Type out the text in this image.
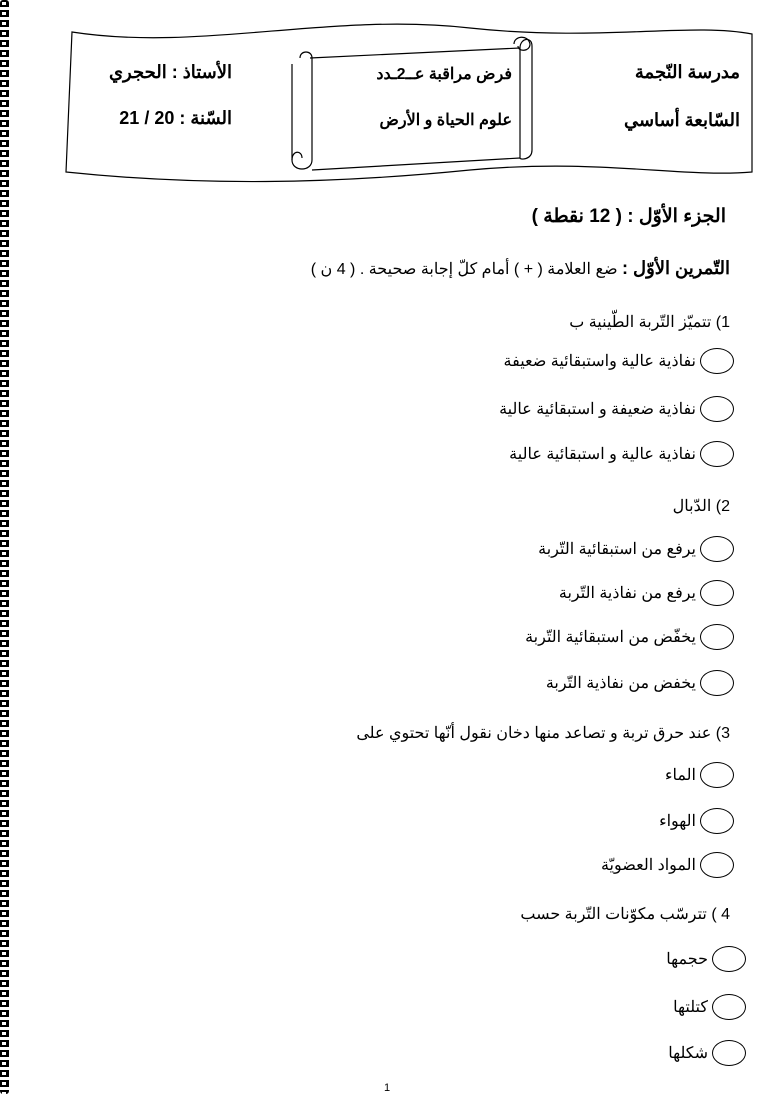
مدرسة النّجمة
السّابعة أساسي
فرض مراقبة عــ2ـدد
علوم الحياة و الأرض
الأستاذ : الحجري
السّنة : 20 / 21
الجزء الأوّل : ( 12 نقطة )
التّمرين الأوّل : ضع العلامة ( + ) أمام كلّ إجابة صحيحة . ( 4 ن )
1) تتميّز التّربة الطّينية ب
نفاذية عالية واستبقائية ضعيفة
نفاذية ضعيفة و استبقائية عالية
نفاذية عالية و استبقائية عالية
2) الدّبال
يرفع من استبقائية التّربة
يرفع من نفاذية التّربة
يخفّض من استبقائية التّربة
يخفض من نفاذية التّربة
3) عند حرق تربة و تصاعد منها دخان نقول أنّها تحتوي على
الماء
الهواء
المواد العضويّة
4 ) تترسّب مكوّنات التّربة حسب
حجمها
كتلتها
شكلها
1
